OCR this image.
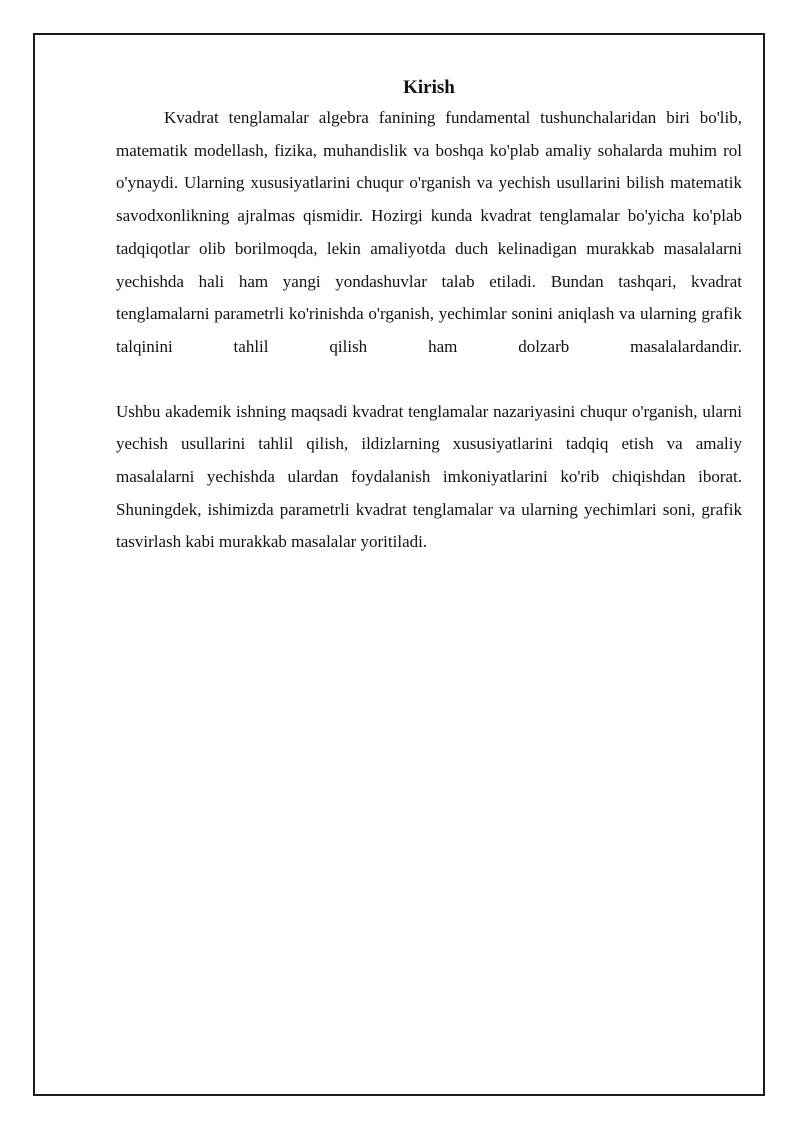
Kirish

Kvadrat tenglamalar algebra fanining fundamental tushunchalaridan biri bo'lib, matematik modellash, fizika, muhandislik va boshqa ko'plab amaliy sohalarda muhim rol o'ynaydi. Ularning xususiyatlarini chuqur o'rganish va yechish usullarini bilish matematik savodxonlikning ajralmas qismidir. Hozirgi kunda kvadrat tenglamalar bo'yicha ko'plab tadqiqotlar olib borilmoqda, lekin amaliyotda duch kelinadigan murakkab masalalarni yechishda hali ham yangi yondashuvlar talab etiladi. Bundan tashqari, kvadrat tenglamalarni parametrli ko'rinishda o'rganish, yechimlar sonini aniqlash va ularning grafik talqinini tahlil qilish ham dolzarb masalalardandir.

Ushbu akademik ishning maqsadi kvadrat tenglamalar nazariyasini chuqur o'rganish, ularni yechish usullarini tahlil qilish, ildizlarning xususiyatlarini tadqiq etish va amaliy masalalarni yechishda ulardan foydalanish imkoniyatlarini ko'rib chiqishdan iborat. Shuningdek, ishimizda parametrli kvadrat tenglamalar va ularning yechimlari soni, grafik tasvirlash kabi murakkab masalalar yoritiladi.
